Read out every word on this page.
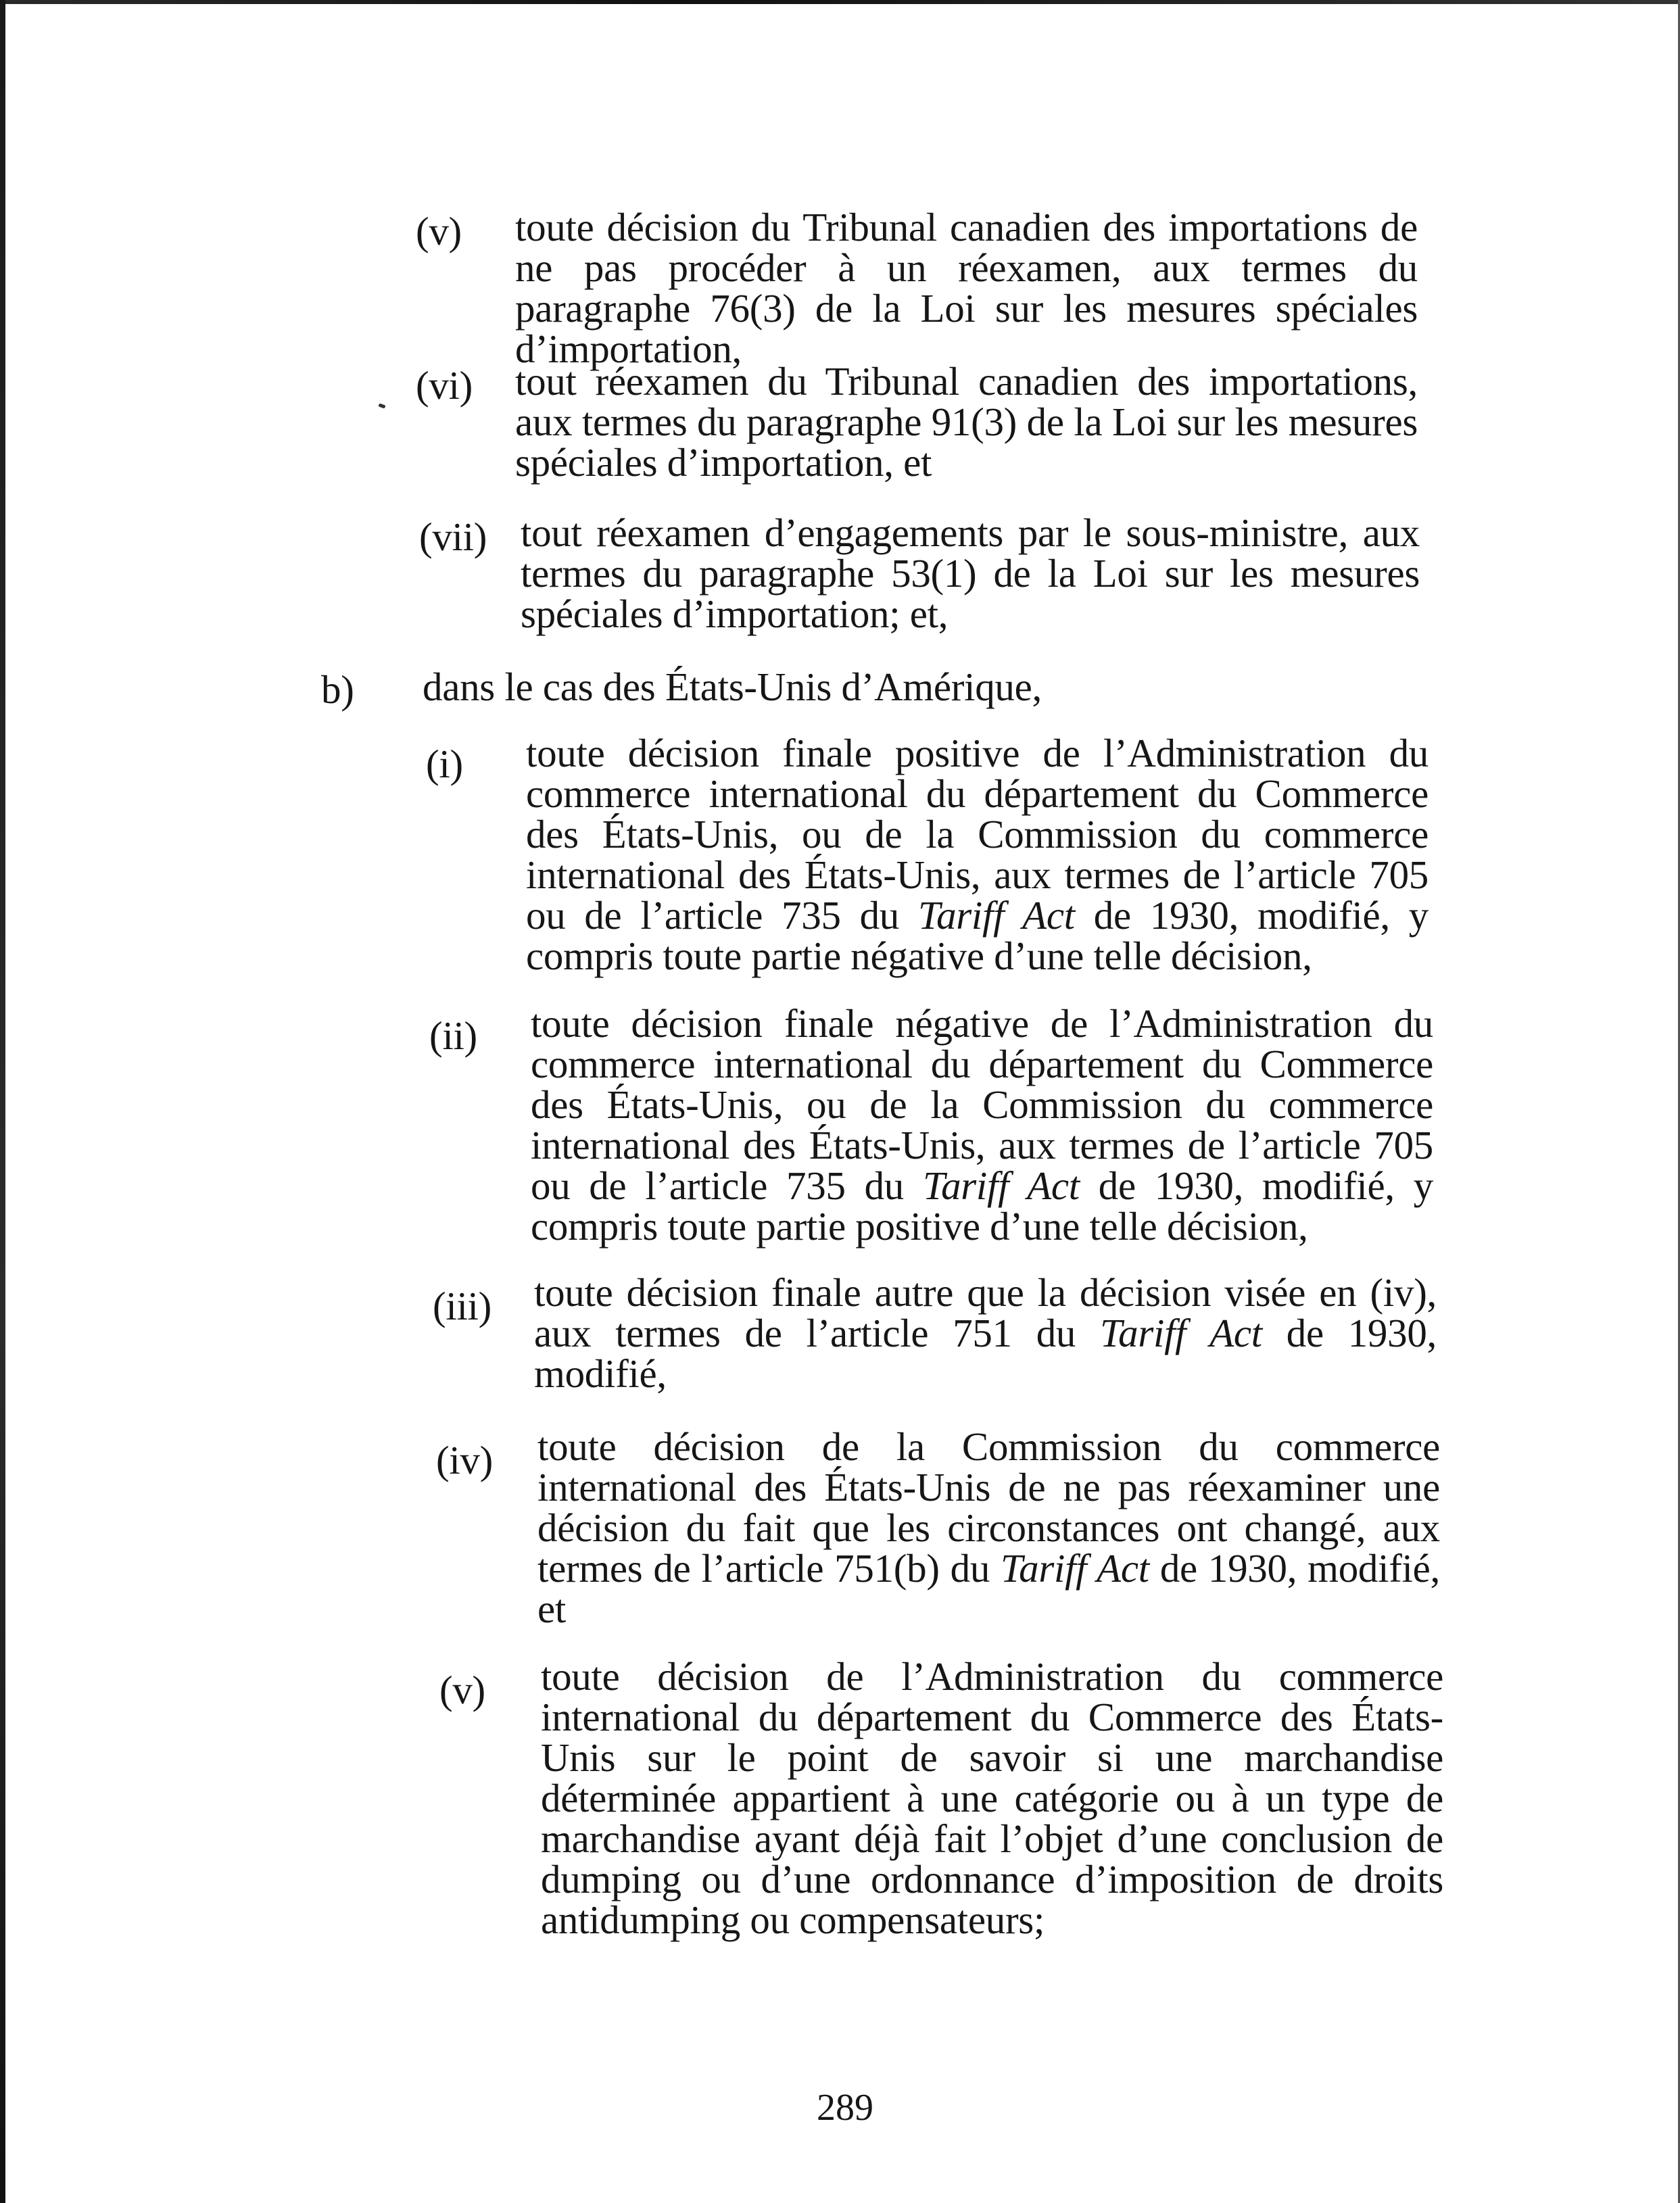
(v) toute décision du Tribunal canadien des importations de ne pas procéder à un réexamen, aux termes du paragraphe 76(3) de la Loi sur les mesures spéciales d’importation,
(vi) tout réexamen du Tribunal canadien des importations, aux termes du paragraphe 91(3) de la Loi sur les mesures spéciales d’importation, et
(vii) tout réexamen d’engagements par le sous-ministre, aux termes du paragraphe 53(1) de la Loi sur les mesures spéciales d’importation; et,
b) dans le cas des États-Unis d’Amérique,
(i) toute décision finale positive de l’Administration du commerce international du département du Commerce des États-Unis, ou de la Commission du commerce international des États-Unis, aux termes de l’article 705 ou de l’article 735 du Tariff Act de 1930, modifié, y compris toute partie négative d’une telle décision,
(ii) toute décision finale négative de l’Administration du commerce international du département du Commerce des États-Unis, ou de la Commission du commerce international des États-Unis, aux termes de l’article 705 ou de l’article 735 du Tariff Act de 1930, modifié, y compris toute partie positive d’une telle décision,
(iii) toute décision finale autre que la décision visée en (iv), aux termes de l’article 751 du Tariff Act de 1930, modifié,
(iv) toute décision de la Commission du commerce international des États-Unis de ne pas réexaminer une décision du fait que les circonstances ont changé, aux termes de l’article 751(b) du Tariff Act de 1930, modifié, et
(v) toute décision de l’Administration du commerce international du département du Commerce des États-Unis sur le point de savoir si une marchandise déterminée appartient à une catégorie ou à un type de marchandise ayant déjà fait l’objet d’une conclusion de dumping ou d’une ordonnance d’imposition de droits antidumping ou compensateurs;
289
